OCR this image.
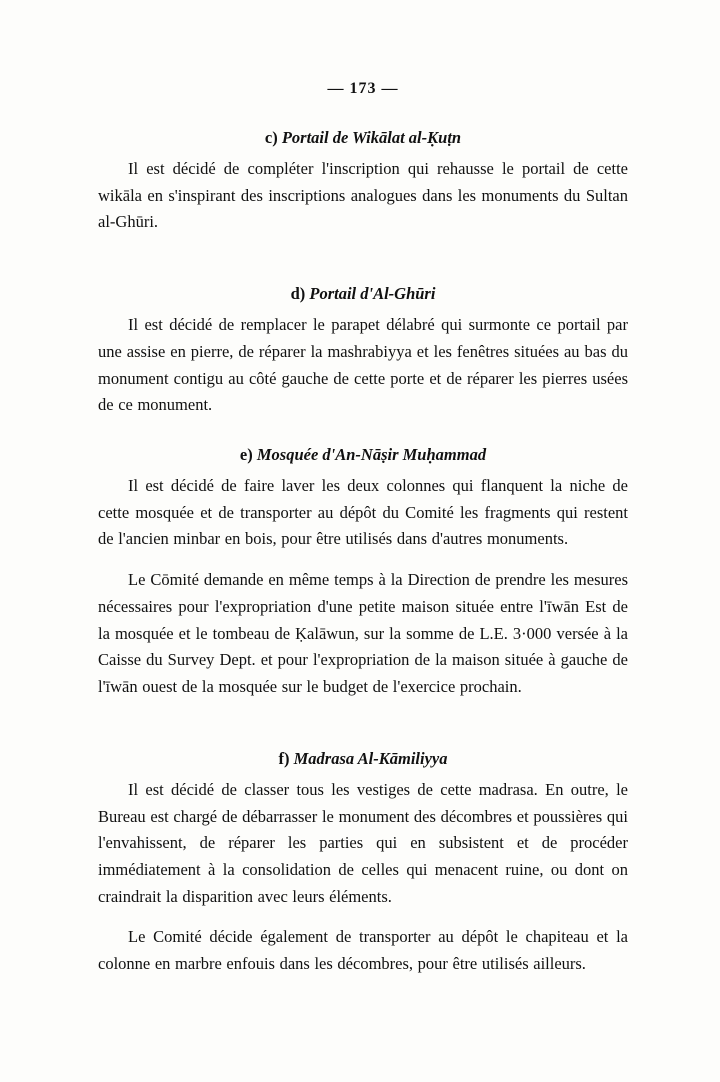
— 173 —
c) Portail de Wikālat al-Ḳuṭn

Il est décidé de compléter l'inscription qui rehausse le portail de cette wikāla en s'inspirant des inscriptions analogues dans les monuments du Sultan al-Ghūri.

d) Portail d'Al-Ghūri

Il est décidé de remplacer le parapet délabré qui surmonte ce portail par une assise en pierre, de réparer la mashrabiyya et les fenêtres situées au bas du monument contigu au côté gauche de cette porte et de réparer les pierres usées de ce monument.

e) Mosquée d'An-Nāṣir Muḥammad

Il est décidé de faire laver les deux colonnes qui flanquent la niche de cette mosquée et de transporter au dépôt du Comité les fragments qui restent de l'ancien minbar en bois, pour être utilisés dans d'autres monuments.

Le Cōmité demande en même temps à la Direction de prendre les mesures nécessaires pour l'expropriation d'une petite maison située entre l'īwān Est de la mosquée et le tombeau de Ḳalāwun, sur la somme de L.E. 3·000 versée à la Caisse du Survey Dept. et pour l'expropriation de la maison située à gauche de l'īwān ouest de la mosquée sur le budget de l'exercice prochain.

f) Madrasa Al-Kāmiliyya

Il est décidé de classer tous les vestiges de cette madrasa. En outre, le Bureau est chargé de débarrasser le monument des décombres et poussières qui l'envahissent, de réparer les parties qui en subsistent et de procéder immédiatement à la consolidation de celles qui menacent ruine, ou dont on craindrait la disparition avec leurs éléments.

Le Comité décide également de transporter au dépôt le chapiteau et la colonne en marbre enfouis dans les décombres, pour être utilisés ailleurs.
